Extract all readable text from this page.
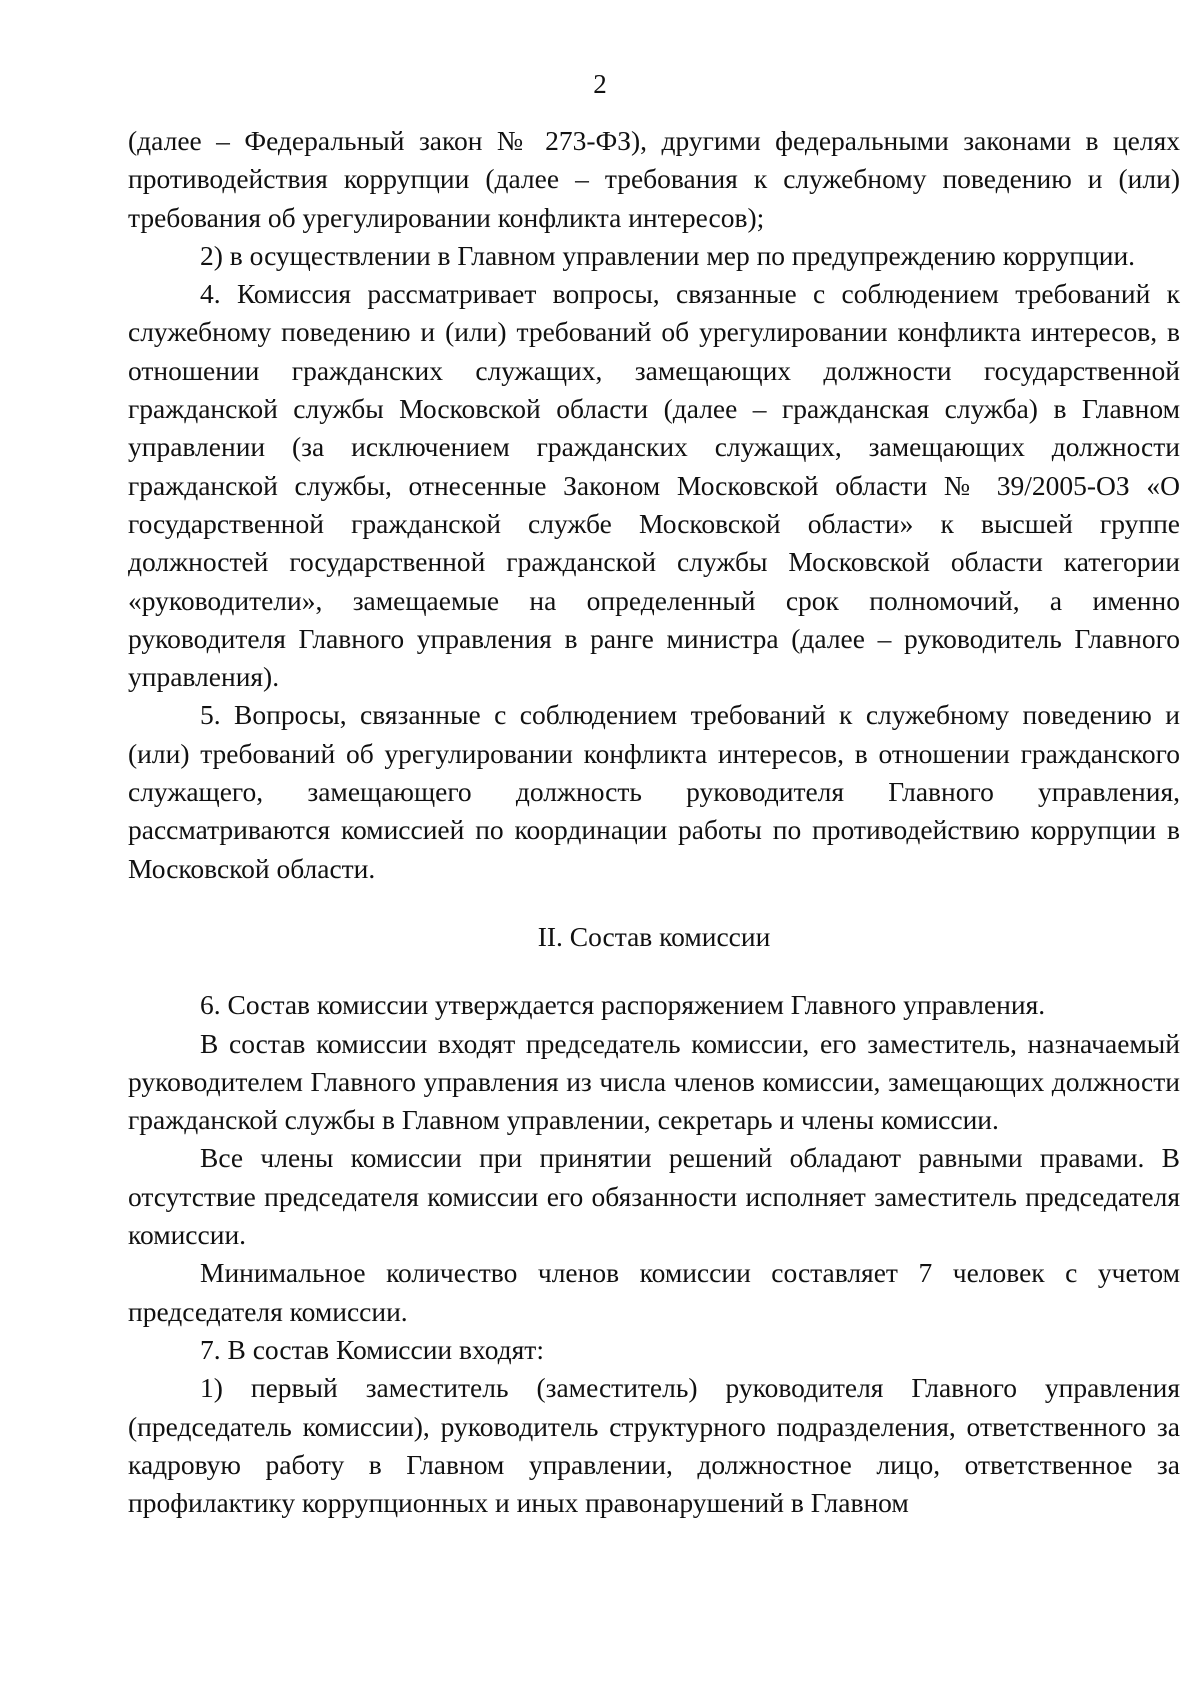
2

(далее – Федеральный закон № 273-ФЗ), другими федеральными законами в целях противодействия коррупции (далее – требования к служебному поведению и (или) требования об урегулировании конфликта интересов);

2) в осуществлении в Главном управлении мер по предупреждению коррупции.

4. Комиссия рассматривает вопросы, связанные с соблюдением требований к служебному поведению и (или) требований об урегулировании конфликта интересов, в отношении гражданских служащих, замещающих должности государственной гражданской службы Московской области (далее – гражданская служба) в Главном управлении (за исключением гражданских служащих, замещающих должности гражданской службы, отнесенные Законом Московской области № 39/2005-ОЗ «О государственной гражданской службе Московской области» к высшей группе должностей государственной гражданской службы Московской области категории «руководители», замещаемые на определенный срок полномочий, а именно руководителя Главного управления в ранге министра (далее – руководитель Главного управления).

5. Вопросы, связанные с соблюдением требований к служебному поведению и (или) требований об урегулировании конфликта интересов, в отношении гражданского служащего, замещающего должность руководителя Главного управления, рассматриваются комиссией по координации работы по противодействию коррупции в Московской области.

II. Состав комиссии

6. Состав комиссии утверждается распоряжением Главного управления.

В состав комиссии входят председатель комиссии, его заместитель, назначаемый руководителем Главного управления из числа членов комиссии, замещающих должности гражданской службы в Главном управлении, секретарь и члены комиссии.

Все члены комиссии при принятии решений обладают равными правами. В отсутствие председателя комиссии его обязанности исполняет заместитель председателя комиссии.

Минимальное количество членов комиссии составляет 7 человек с учетом председателя комиссии.

7. В состав Комиссии входят:

1) первый заместитель (заместитель) руководителя Главного управления (председатель комиссии), руководитель структурного подразделения, ответственного за кадровую работу в Главном управлении, должностное лицо, ответственное за профилактику коррупционных и иных правонарушений в Главном
